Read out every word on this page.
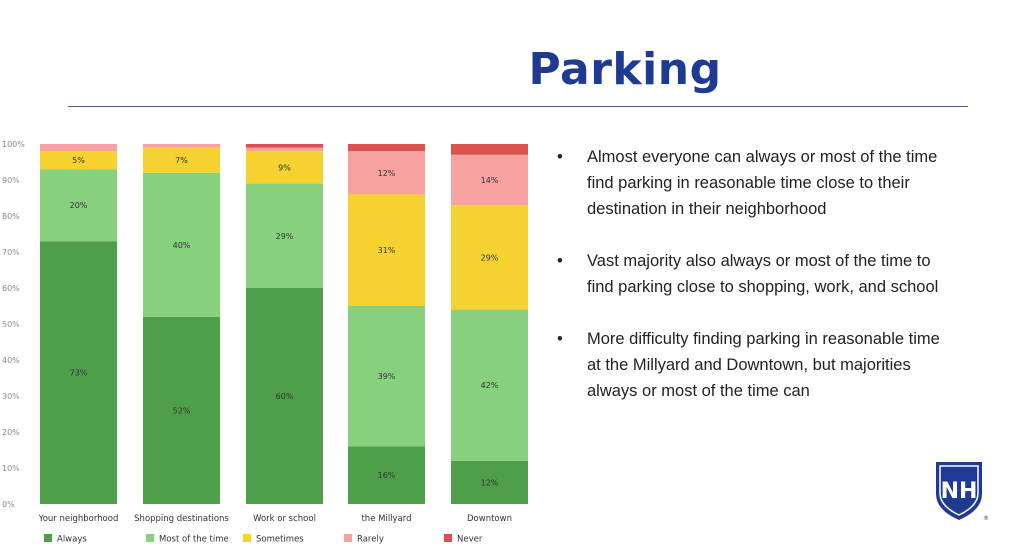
Parking
0%
10%
20%
30%
40%
50%
60%
70%
80%
90%
100%
73%
20%
5%
Your neighborhood
52%
40%
7%
Shopping destinations
60%
29%
9%
Work or school
16%
39%
31%
12%
the Millyard
12%
42%
29%
14%
Downtown
Always	Most of the time	Sometimes	Rarely	Never
• Almost everyone can always or most of the time find parking in reasonable time close to their destination in their neighborhood
• Vast majority also always or most of the time to find parking close to shopping, work, and school
• More difficulty finding parking in reasonable time at the Millyard and Downtown, but majorities always or most of the time can
NH
®
